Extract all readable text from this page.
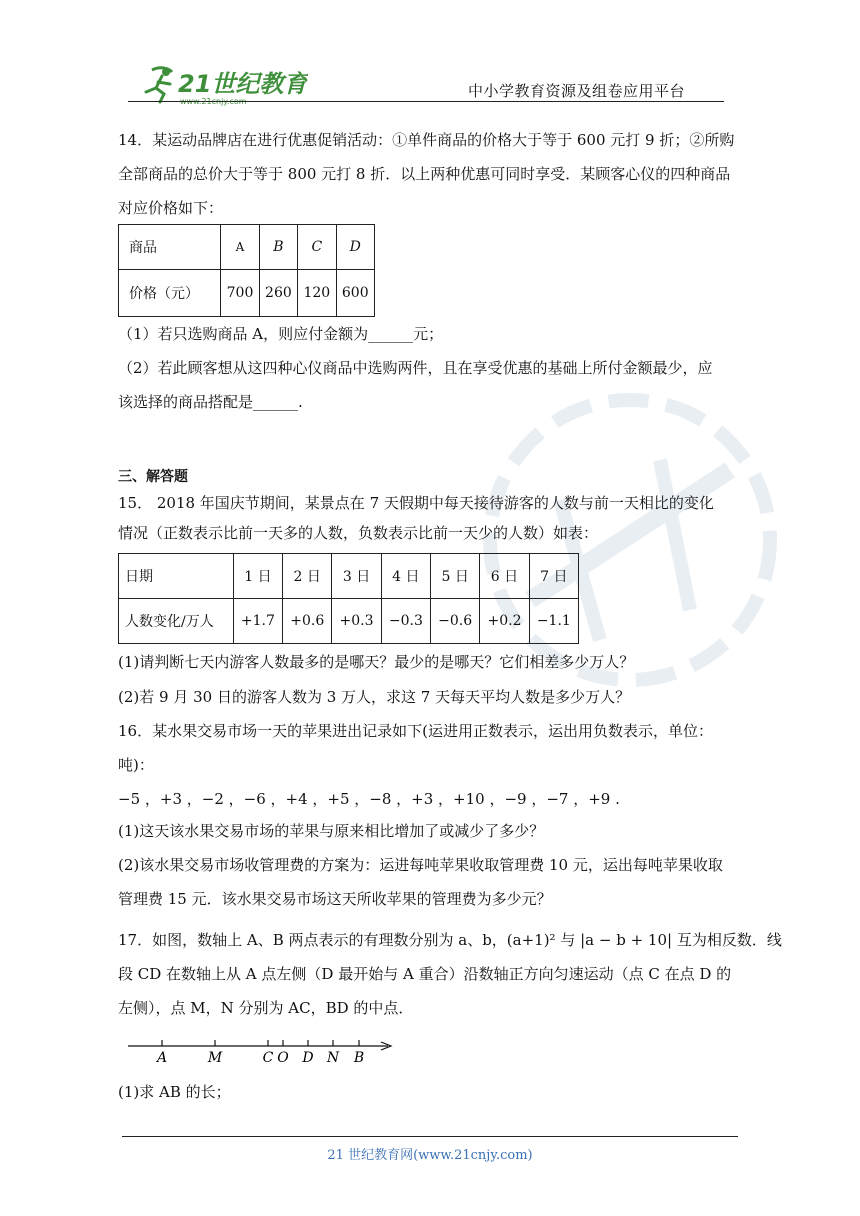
21世纪教育	中小学教育资源及组卷应用平台
14．某运动品牌店在进行优惠促销活动：①单件商品的价格大于等于 600 元打 9 折；②所购
全部商品的总价大于等于 800 元打 8 折．以上两种优惠可同时享受．某顾客心仪的四种商品
对应价格如下：
商品	A	B	C	D
价格（元）	700	260	120	600
（1）若只选购商品 A，则应付金额为______元；
（2）若此顾客想从这四种心仪商品中选购两件，且在享受优惠的基础上所付金额最少，应
该选择的商品搭配是______.
三、解答题
15． 2018 年国庆节期间，某景点在 7 天假期中每天接待游客的人数与前一天相比的变化
情况（正数表示比前一天多的人数，负数表示比前一天少的人数）如表：
日期	1 日	2 日	3 日	4 日	5 日	6 日	7 日
人数变化/万人	+1.7	+0.6	+0.3	−0.3	−0.6	+0.2	−1.1
(1)请判断七天内游客人数最多的是哪天？最少的是哪天？它们相差多少万人？
(2)若 9 月 30 日的游客人数为 3 万人，求这 7 天每天平均人数是多少万人？
16．某水果交易市场一天的苹果进出记录如下(运进用正数表示，运出用负数表示，单位：
吨)：
−5 ，+3 ，−2 ，−6 ，+4 ，+5 ，−8 ，+3 ，+10 ，−9 ，−7 ，+9 .
(1)这天该水果交易市场的苹果与原来相比增加了或减少了多少？
(2)该水果交易市场收管理费的方案为：运进每吨苹果收取管理费 10 元，运出每吨苹果收取
管理费 15 元．该水果交易市场这天所收苹果的管理费为多少元？
17．如图，数轴上 A、B 两点表示的有理数分别为 a、b，(a+1)² 与 |a − b + 10| 互为相反数．线
段 CD 在数轴上从 A 点左侧（D 最开始与 A 重合）沿数轴正方向匀速运动（点 C 在点 D 的
左侧），点 M，N 分别为 AC，BD 的中点．
A	M	C O D N B
(1)求 AB 的长；
21 世纪教育网(www.21cnjy.com)
